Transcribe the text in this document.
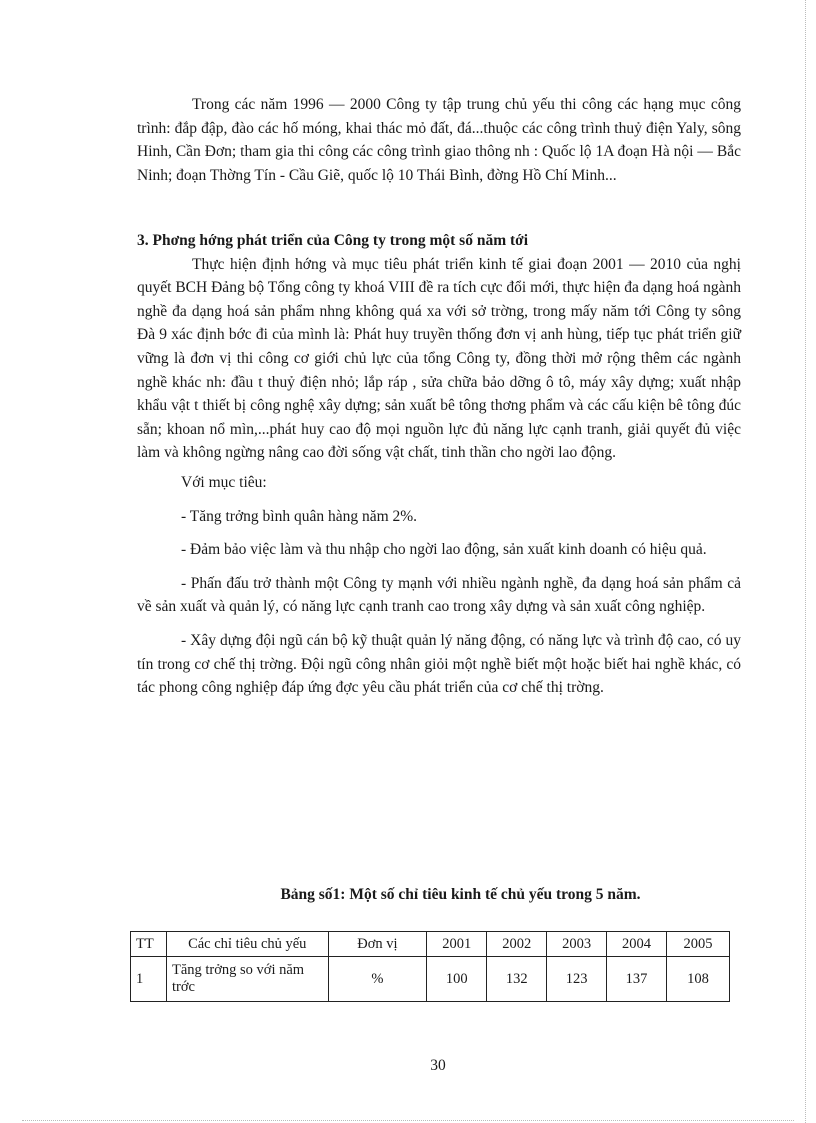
Trong các năm 1996 — 2000 Công ty tập trung chủ yếu thi công các hạng mục công trình: đắp đập, đào các hố móng, khai thác mỏ đất, đá...thuộc các công trình thuỷ điện Yaly, sông Hinh, Cần Đơn; tham gia thi công các công trình giao thông nh : Quốc lộ 1A đoạn Hà nội — Bắc Ninh; đoạn Thờng Tín - Cầu Giẽ, quốc lộ 10 Thái Bình, đờng Hồ Chí Minh...

3. Phơng hớng phát triển của Công ty trong một số năm tới

Thực hiện định hớng và mục tiêu phát triển kinh tế giai đoạn 2001 — 2010 của nghị quyết BCH Đảng bộ Tổng công ty khoá VIII đề ra tích cực đổi mới, thực hiện đa dạng hoá ngành nghề đa dạng hoá sản phẩm nhng không quá xa với sở trờng, trong mấy năm tới Công ty sông Đà 9 xác định bớc đi của mình là: Phát huy truyền thống đơn vị anh hùng, tiếp tục phát triển giữ vững là đơn vị thi công cơ giới chủ lực của tổng Công ty, đồng thời mở rộng thêm các ngành nghề khác nh: đầu t thuỷ điện nhỏ; lắp ráp , sửa chữa bảo dỡng ô tô, máy xây dựng; xuất nhập khẩu vật t thiết bị công nghệ xây dựng; sản xuất bê tông thơng phẩm và các cấu kiện bê tông đúc sẵn; khoan nổ mìn,...phát huy cao độ mọi nguồn lực đủ năng lực cạnh tranh, giải quyết đủ việc làm và không ngừng nâng cao đời sống vật chất, tinh thần cho ngời lao động.

Với mục tiêu:

- Tăng trởng bình quân hàng năm 2%.

- Đảm bảo việc làm và thu nhập cho ngời lao động, sản xuất kinh doanh có hiệu quả.

- Phấn đấu trở thành một Công ty mạnh với nhiều ngành nghề, đa dạng hoá sản phẩm cả về sản xuất và quản lý, có năng lực cạnh tranh cao trong xây dựng và sản xuất công nghiệp.

- Xây dựng đội ngũ cán bộ kỹ thuật quản lý năng động, có năng lực và trình độ cao, có uy tín trong cơ chế thị trờng. Đội ngũ công nhân giỏi một nghề biết một hoặc biết hai nghề khác, có tác phong công nghiệp đáp ứng đợc yêu cầu phát triển của cơ chế thị trờng.

Bảng số1: Một số chỉ tiêu kinh tế chủ yếu trong 5 năm.
TT	Các chỉ tiêu chủ yếu	Đơn vị	2001	2002	2003	2004	2005
1	Tăng trởng so với năm trớc	%	100	132	123	137	108
30
